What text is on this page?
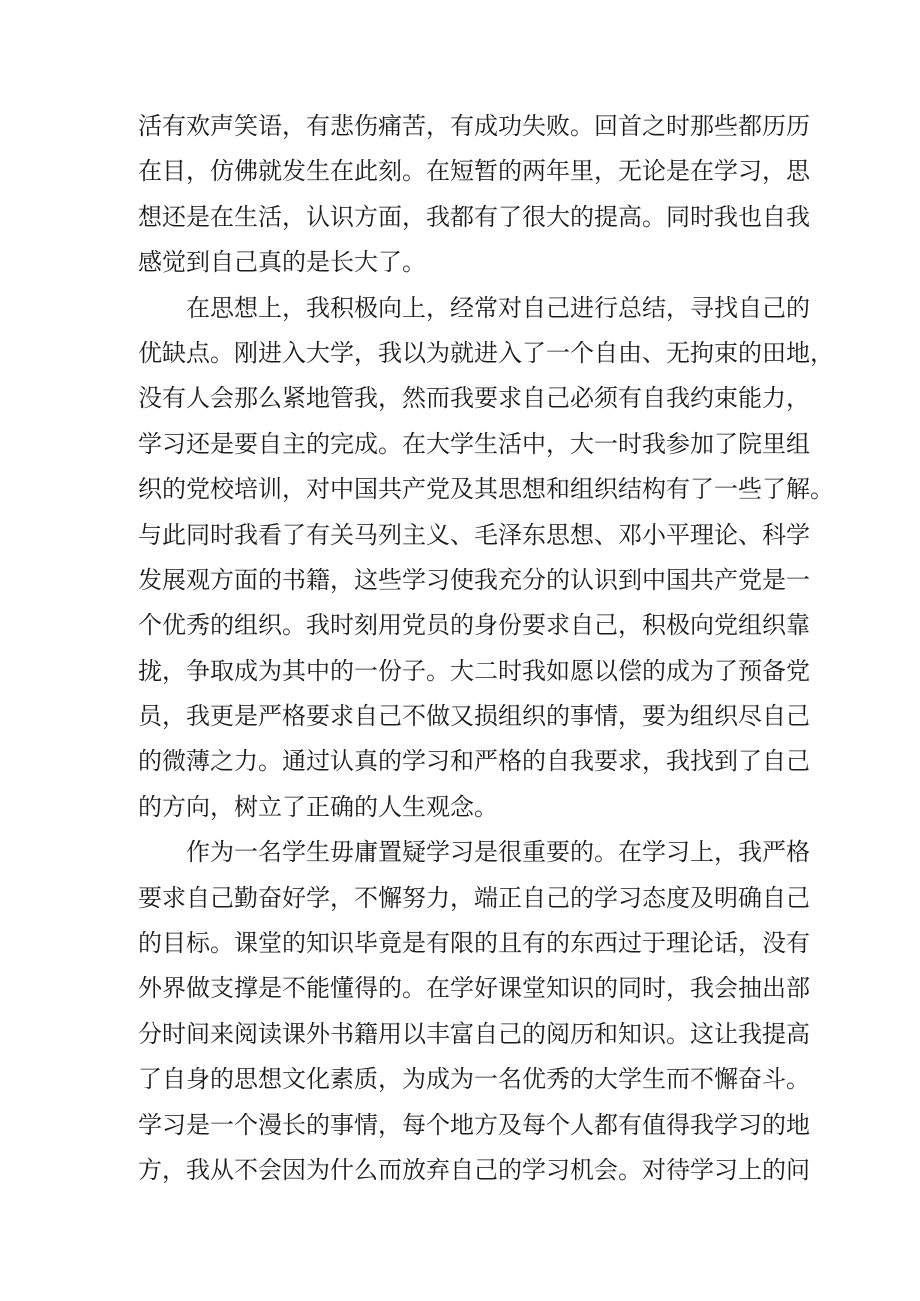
活有欢声笑语，有悲伤痛苦，有成功失败。回首之时那些都历历
在目，仿佛就发生在此刻。在短暂的两年里，无论是在学习，思
想还是在生活，认识方面，我都有了很大的提高。同时我也自我
感觉到自己真的是长大了。
在思想上，我积极向上，经常对自己进行总结，寻找自己的
优缺点。刚进入大学，我以为就进入了一个自由、无拘束的田地，
没有人会那么紧地管我，然而我要求自己必须有自我约束能力，
学习还是要自主的完成。在大学生活中，大一时我参加了院里组
织的党校培训，对中国共产党及其思想和组织结构有了一些了解。
与此同时我看了有关马列主义、毛泽东思想、邓小平理论、科学
发展观方面的书籍，这些学习使我充分的认识到中国共产党是一
个优秀的组织。我时刻用党员的身份要求自己，积极向党组织靠
拢，争取成为其中的一份子。大二时我如愿以偿的成为了预备党
员，我更是严格要求自己不做又损组织的事情，要为组织尽自己
的微薄之力。通过认真的学习和严格的自我要求，我找到了自己
的方向，树立了正确的人生观念。
作为一名学生毋庸置疑学习是很重要的。在学习上，我严格
要求自己勤奋好学，不懈努力，端正自己的学习态度及明确自己
的目标。课堂的知识毕竟是有限的且有的东西过于理论话，没有
外界做支撑是不能懂得的。在学好课堂知识的同时，我会抽出部
分时间来阅读课外书籍用以丰富自己的阅历和知识。这让我提高
了自身的思想文化素质，为成为一名优秀的大学生而不懈奋斗。
学习是一个漫长的事情，每个地方及每个人都有值得我学习的地
方，我从不会因为什么而放弃自己的学习机会。对待学习上的问
